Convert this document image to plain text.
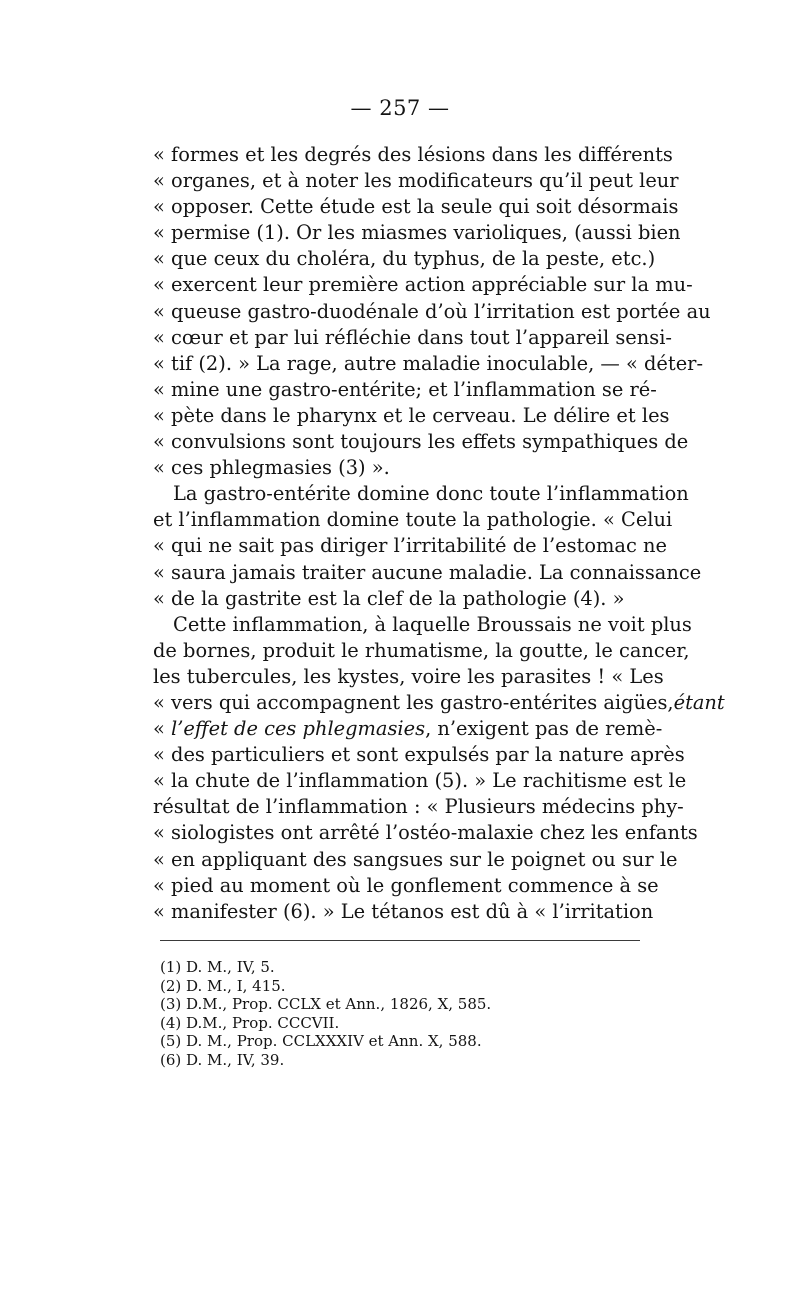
— 257 —
« formes et les degrés des lésions dans les différents
« organes, et à noter les modificateurs qu’il peut leur
« opposer. Cette étude est la seule qui soit désormais
« permise (1). Or les miasmes varioliques, (aussi bien
« que ceux du choléra, du typhus, de la peste, etc.)
« exercent leur première action appréciable sur la mu-
« queuse gastro-duodénale d’où l’irritation est portée au
« cœur et par lui réfléchie dans tout l’appareil sensi-
« tif (2). » La rage, autre maladie inoculable, — « déter-
« mine une gastro-entérite; et l’inflammation se ré-
« pète dans le pharynx et le cerveau. Le délire et les
« convulsions sont toujours les effets sympathiques de
« ces phlegmasies (3) ».
La gastro-entérite domine donc toute l’inflammation
et l’inflammation domine toute la pathologie. « Celui
« qui ne sait pas diriger l’irritabilité de l’estomac ne
« saura jamais traiter aucune maladie. La connaissance
« de la gastrite est la clef de la pathologie (4). »
Cette inflammation, à laquelle Broussais ne voit plus
de bornes, produit le rhumatisme, la goutte, le cancer,
les tubercules, les kystes, voire les parasites ! « Les
« vers qui accompagnent les gastro-entérites aigües,étant
« l’effet de ces phlegmasies, n’exigent pas de remè-
« des particuliers et sont expulsés par la nature après
« la chute de l’inflammation (5). » Le rachitisme est le
résultat de l’inflammation : « Plusieurs médecins phy-
« siologistes ont arrêté l’ostéo-malaxie chez les enfants
« en appliquant des sangsues sur le poignet ou sur le
« pied au moment où le gonflement commence à se
« manifester (6). » Le tétanos est dû à « l’irritation
(1) D. M., IV, 5.
(2) D. M., I, 415.
(3) D.M., Prop. CCLX et Ann., 1826, X, 585.
(4) D.M., Prop. CCCVII.
(5) D. M., Prop. CCLXXXIV et Ann. X, 588.
(6) D. M., IV, 39.
